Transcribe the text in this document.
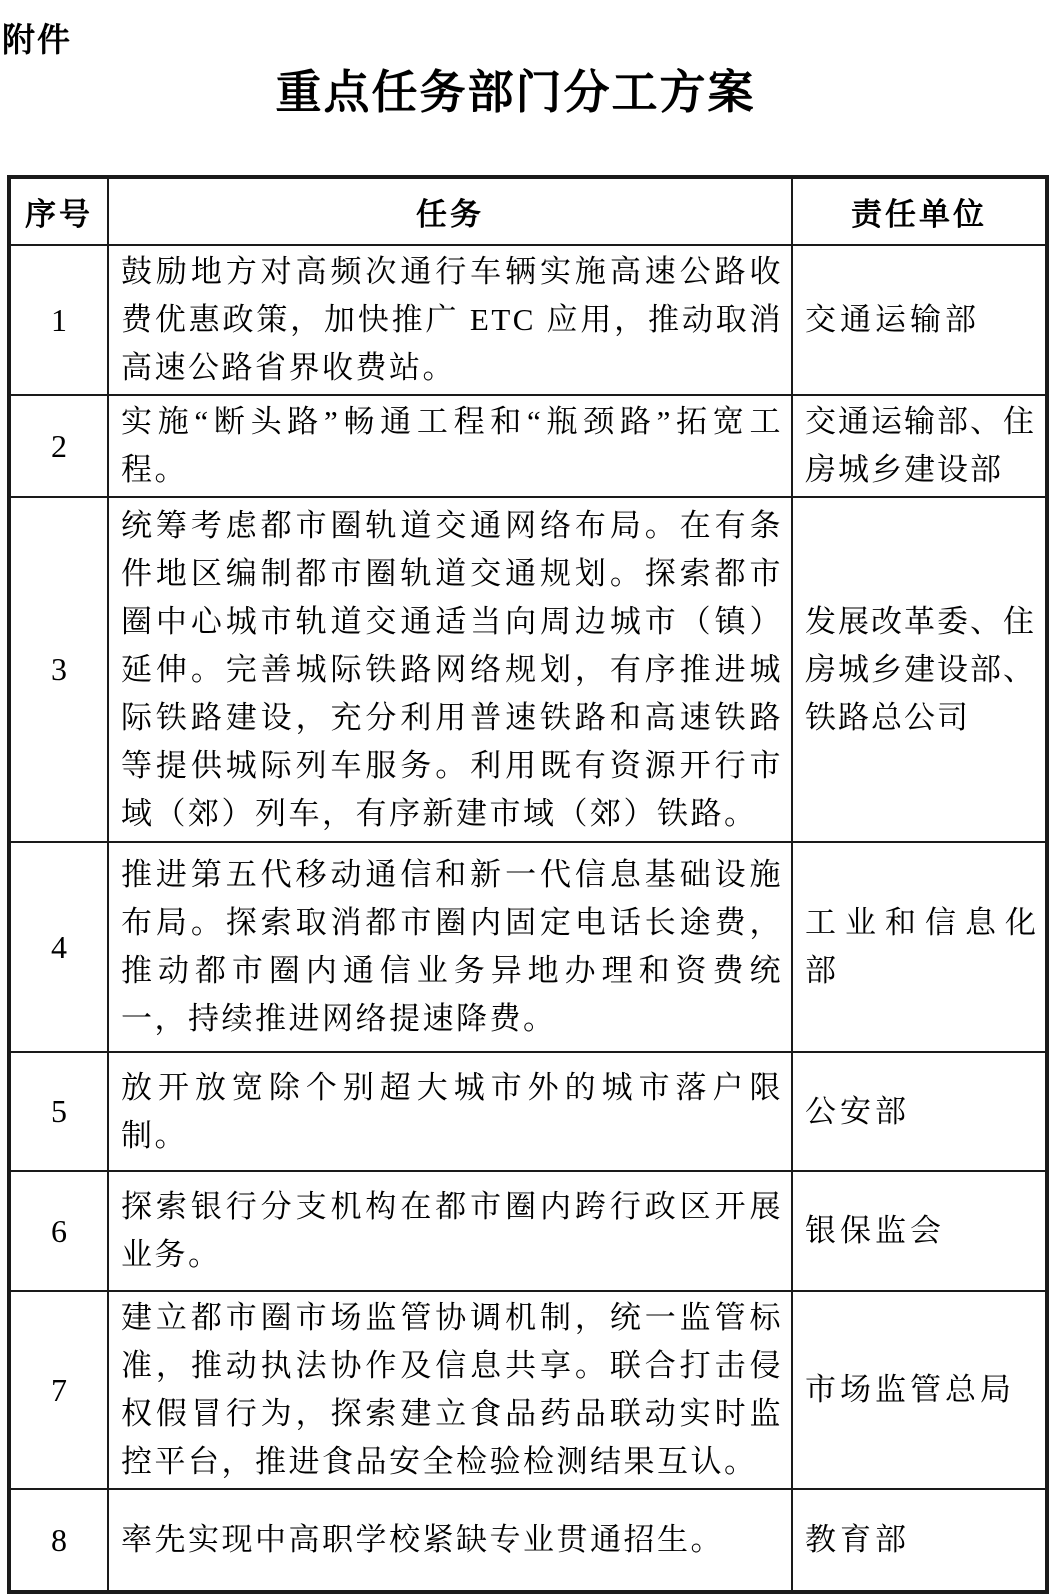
附件
重点任务部门分工方案
序号	任务	责任单位
1	鼓励地方对高频次通行车辆实施高速公路收费优惠政策，加快推广 ETC 应用，推动取消高速公路省界收费站。	交通运输部
2	实施“断头路”畅通工程和“瓶颈路”拓宽工程。	交通运输部、住房城乡建设部
3	统筹考虑都市圈轨道交通网络布局。在有条件地区编制都市圈轨道交通规划。探索都市圈中心城市轨道交通适当向周边城市（镇）延伸。完善城际铁路网络规划，有序推进城际铁路建设，充分利用普速铁路和高速铁路等提供城际列车服务。利用既有资源开行市域（郊）列车，有序新建市域（郊）铁路。	发展改革委、住房城乡建设部、铁路总公司
4	推进第五代移动通信和新一代信息基础设施布局。探索取消都市圈内固定电话长途费，推动都市圈内通信业务异地办理和资费统一，持续推进网络提速降费。	工业和信息化部
5	放开放宽除个别超大城市外的城市落户限制。	公安部
6	探索银行分支机构在都市圈内跨行政区开展业务。	银保监会
7	建立都市圈市场监管协调机制，统一监管标准，推动执法协作及信息共享。联合打击侵权假冒行为，探索建立食品药品联动实时监控平台，推进食品安全检验检测结果互认。	市场监管总局
8	率先实现中高职学校紧缺专业贯通招生。	教育部
